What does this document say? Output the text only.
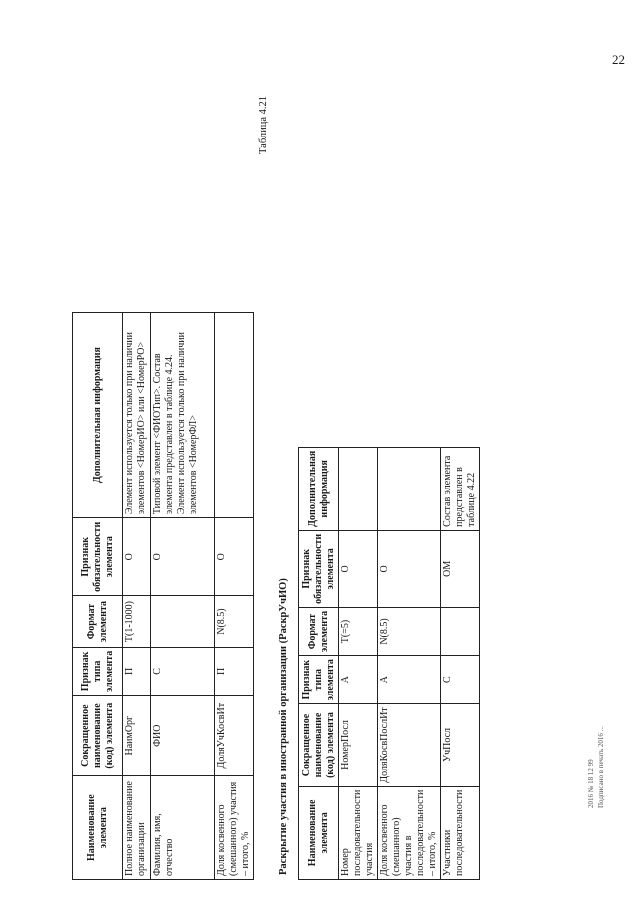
22
Наименование элемента	Сокращенное наименование (код) элемента	Признак типа элемента	Формат элемента	Признак обязательности элемента	Дополнительная информация
Полное наименование организации	НаимОрг	П	T(1-1000)	О	Элемент используется только при наличии элементов <НомерИО> или <НомерРО>
Фамилия, имя, отчество	ФИО	С		О	Типовой элемент <ФИОТип>. Состав элемента представлен в таблице 4.24. Элемент используется только при наличии элементов <НомерФЛ>
Доля косвенного (смешанного) участия – итого, %	ДоляУчКосвИт	П	N(8.5)	О	
Таблица 4.21
Раскрытие участия в иностранной организации (РаскрУчИО) Наименование элемента	Сокращенное наименование (код) элемента	Признак типа элемента	Формат элемента	Признак обязательности элемента	Дополнительная информация
Номер последовательности участия	НомерПосл	А	T(=5)	О	
Доля косвенного (смешанного) участия в последовательности – итого, %	ДоляКосвПослИт	А	N(8.5)	О	
Участники последовательности	УчПосл	С		ОМ	Состав элемента представлен в таблице 4.22
2016 № 18 12 99 Подписано в печать 2016 ...
